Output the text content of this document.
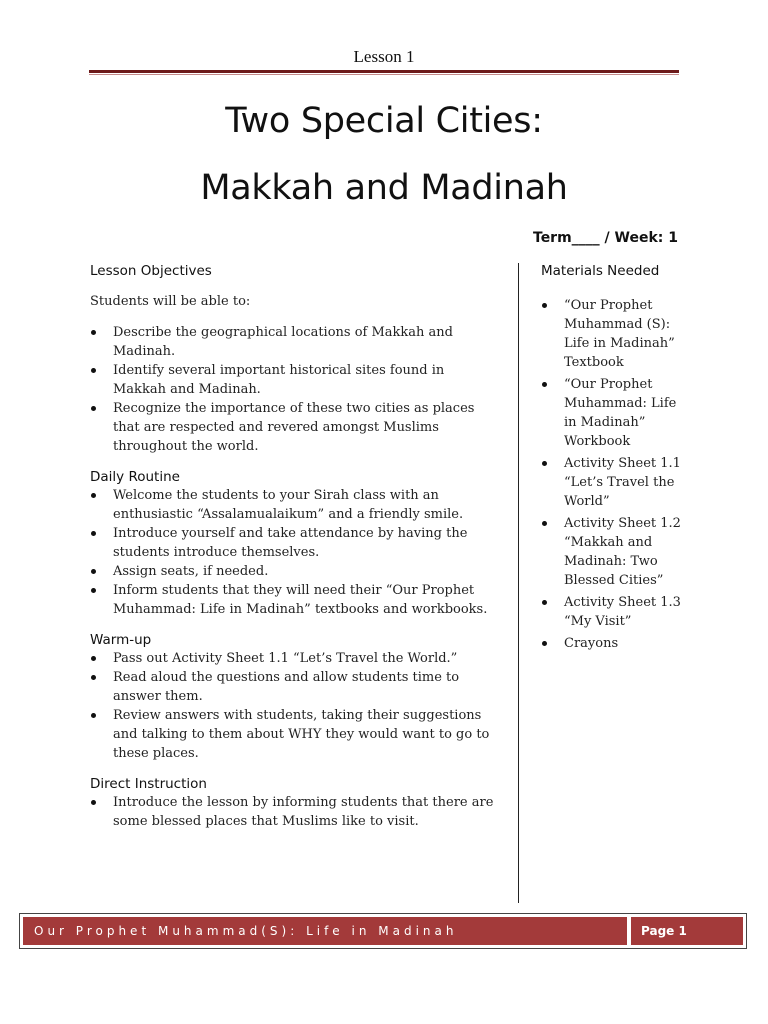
Lesson 1
Two Special Cities:
Makkah and Madinah
Term____ / Week: 1
Lesson Objectives

Students will be able to:

Describe the geographical locations of Makkah and Madinah.
Identify several important historical sites found in Makkah and Madinah.
Recognize the importance of these two cities as places that are respected and revered amongst Muslims throughout the world.
Daily Routine
Welcome the students to your Sirah class with an enthusiastic “Assalamualaikum” and a friendly smile.
Introduce yourself and take attendance by having the students introduce themselves.
Assign seats, if needed.
Inform students that they will need their “Our Prophet Muhammad: Life in Madinah” textbooks and workbooks.
Warm-up
Pass out Activity Sheet 1.1 “Let’s Travel the World.”
Read aloud the questions and allow students time to answer them.
Review answers with students, taking their suggestions and talking to them about WHY they would want to go to these places.
Direct Instruction
Introduce the lesson by informing students that there are some blessed places that Muslims like to visit.
Materials Needed
“Our Prophet Muhammad (S): Life in Madinah” Textbook
“Our Prophet Muhammad: Life in Madinah” Workbook
Activity Sheet 1.1 “Let’s Travel the World”
Activity Sheet 1.2 “Makkah and Madinah: Two Blessed Cities”
Activity Sheet 1.3 “My Visit”
Crayons
Our Prophet Muhammad(S): Life in Madinah	Page 1
